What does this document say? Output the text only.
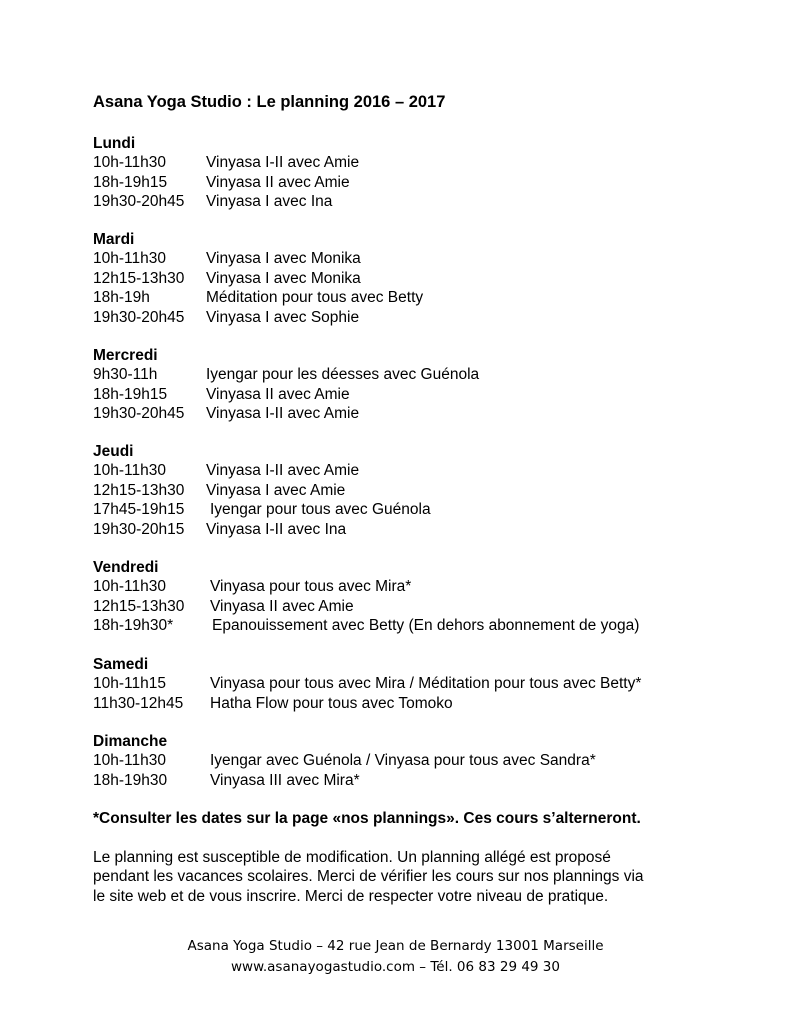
Asana Yoga Studio : Le planning 2016 – 2017
Lundi
10h-11h30	Vinyasa I-II avec Amie
18h-19h15	Vinyasa II avec Amie
19h30-20h45	Vinyasa I avec Ina
Mardi
10h-11h30	Vinyasa I avec Monika
12h15-13h30	Vinyasa I avec Monika
18h-19h	Méditation pour tous avec Betty
19h30-20h45	Vinyasa I avec Sophie
Mercredi
9h30-11h	Iyengar pour les déesses avec Guénola
18h-19h15	Vinyasa II avec Amie
19h30-20h45	Vinyasa I-II avec Amie
Jeudi
10h-11h30	Vinyasa I-II avec Amie
12h15-13h30	Vinyasa I avec Amie
17h45-19h15	Iyengar pour tous avec Guénola
19h30-20h15	Vinyasa I-II avec Ina
Vendredi
10h-11h30	Vinyasa pour tous avec Mira*
12h15-13h30	Vinyasa II avec Amie
18h-19h30*	Epanouissement avec Betty (En dehors abonnement de yoga)
Samedi
10h-11h15	Vinyasa pour tous avec Mira / Méditation pour tous avec Betty*
11h30-12h45	Hatha Flow pour tous avec Tomoko
Dimanche
10h-11h30	Iyengar avec Guénola / Vinyasa pour tous avec Sandra*
18h-19h30	Vinyasa III avec Mira*

*Consulter les dates sur la page «nos plannings». Ces cours s’alterneront.

Le planning est susceptible de modification. Un planning allégé est proposé
pendant les vacances scolaires. Merci de vérifier les cours sur nos plannings via
le site web et de vous inscrire. Merci de respecter votre niveau de pratique.

Asana Yoga Studio – 42 rue Jean de Bernardy 13001 Marseille
www.asanayogastudio.com – Tél. 06 83 29 49 30
